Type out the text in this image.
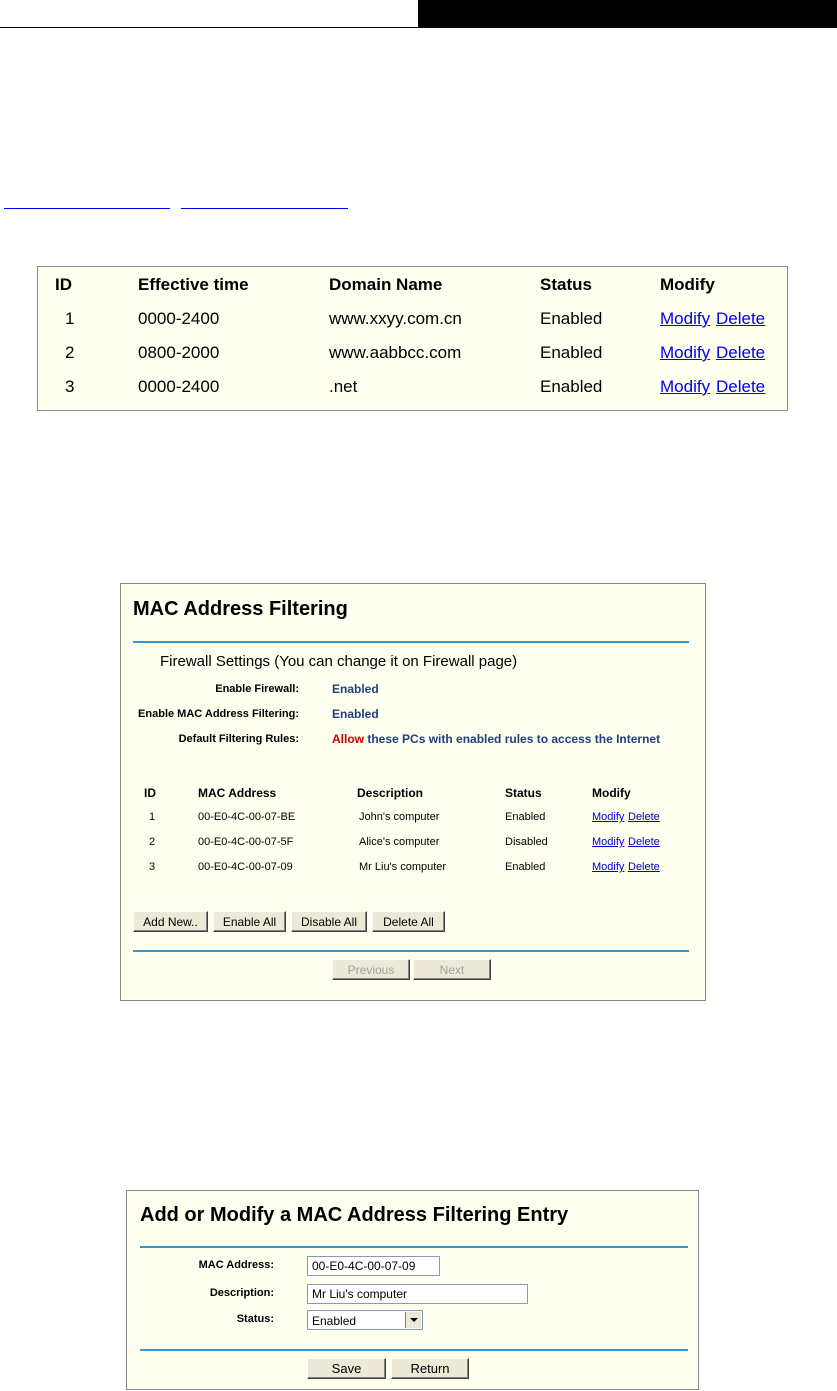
ID	Effective time	Domain Name	Status	Modify
1	0000-2400	www.xxyy.com.cn	Enabled	Modify Delete
2	0800-2000	www.aabbcc.com	Enabled	Modify Delete
3	0000-2400	.net	Enabled	Modify Delete
MAC Address Filtering
Firewall Settings (You can change it on Firewall page)
Enable Firewall:	Enabled
Enable MAC Address Filtering:	Enabled
Default Filtering Rules:	Allow these PCs with enabled rules to access the Internet
ID	MAC Address	Description	Status	Modify
1	00-E0-4C-00-07-BE	John's computer	Enabled	Modify Delete
2	00-E0-4C-00-07-5F	Alice's computer	Disabled	Modify Delete
3	00-E0-4C-00-07-09	Mr Liu's computer	Enabled	Modify Delete
Add New..	Enable All	Disable All	Delete All
Previous	Next
Add or Modify a MAC Address Filtering Entry
MAC Address:
00-E0-4C-00-07-09
Description:
Mr Liu's computer
Status:	Enabled
Save	Return
